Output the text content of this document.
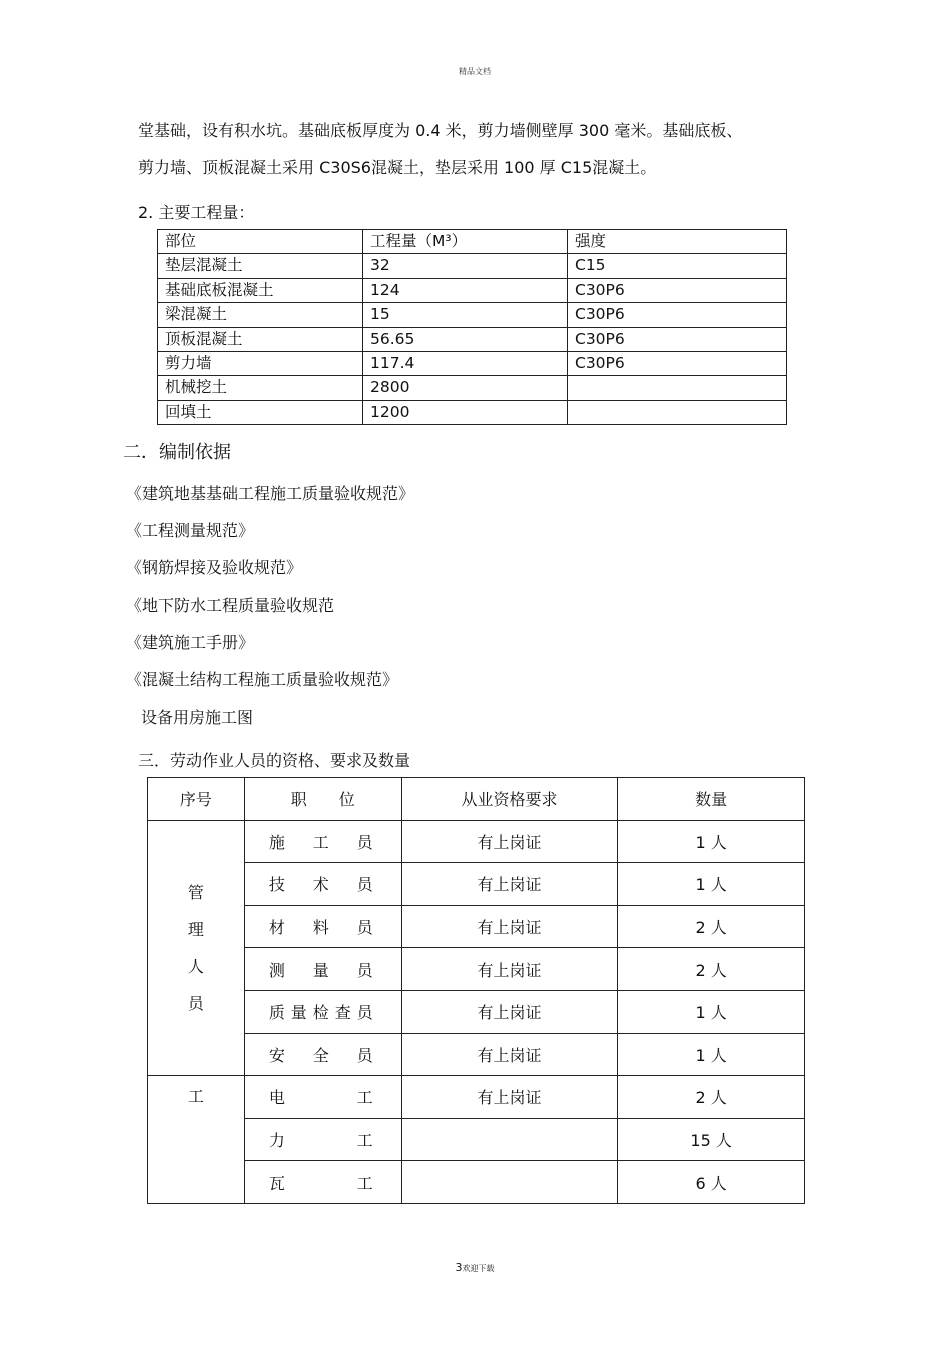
精品文档
堂基础，设有积水坑。基础底板厚度为 0.4 米，剪力墙侧壁厚 300 毫米。基础底板、
剪力墙、顶板混凝土采用 C30S6混凝土，垫层采用 100 厚 C15混凝土。
2. 主要工程量：
部位	工程量（M³）	强度
垫层混凝土	32	C15
基础底板混凝土	124	C30P6
梁混凝土	15	C30P6
顶板混凝土	56.65	C30P6
剪力墙	117.4	C30P6
机械挖土	2800	
回填土	1200	
二．编制依据
《建筑地基基础工程施工质量验收规范》
《工程测量规范》
《钢筋焊接及验收规范》
《地下防水工程质量验收规范
《建筑施工手册》
《混凝土结构工程施工质量验收规范》
设备用房施工图
三．劳动作业人员的资格、要求及数量
序号	职　　位	从业资格要求	数量

管
理
人
员	施工员	有上岗证	1 人
	技术员	有上岗证	1 人
	材料员	有上岗证	2 人
	测量员	有上岗证	2 人
	质量检查员	有上岗证	1 人
	安全员	有上岗证	1 人
工	电工	有上岗证	2 人
	力工		15 人
	瓦工		6 人
3欢迎下载
